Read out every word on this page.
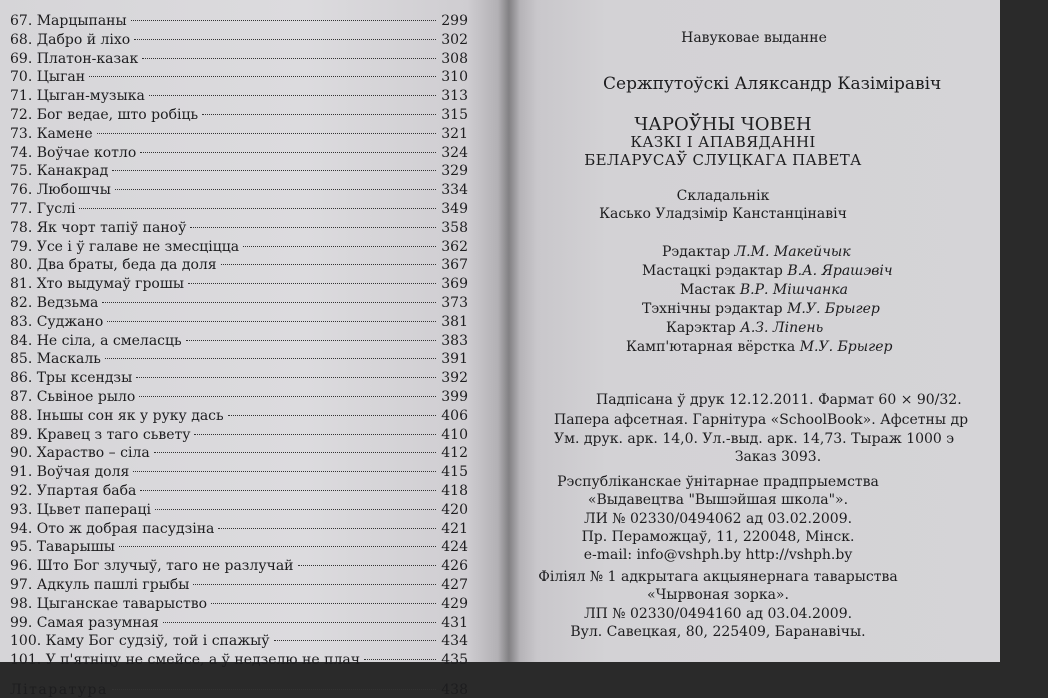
67. Марцыпаны	299
68. Дабро й ліхо	302
69. Платон-казак	308
70. Цыган	310
71. Цыган-музыка	313
72. Бог ведае, што робіць	315
73. Камене	321
74. Воўчае котло	324
75. Канакрад	329
76. Любошчы	334
77. Гуслі	349
78. Як чорт тапіў паноў	358
79. Усе і ў галаве не змесціцца	362
80. Два браты, беда да доля	367
81. Хто выдумаў грошы	369
82. Ведзьма	373
83. Суджано	381
84. Не сіла, а смеласць	383
85. Маскаль	391
86. Тры ксендзы	392
87. Сьвіное рыло	399
88. Іньшы сон як у руку дась	406
89. Кравец з таго сьвету	410
90. Хараство – сіла	412
91. Воўчая доля	415
92. Упартая баба	418
93. Цьвет папераці	420
94. Ото ж добрая пасудзіна	421
95. Таварышы	424
96. Што Бог злучыў, таго не разлучай	426
97. Адкуль пашлі грыбы	427
98. Цыганскае таварыство	429
99. Самая разумная	431
100. Каму Бог судзіў, той і спажыў	434
101. У п'ятніцу не смейсе, а ў недзелю не плач	435
Літаратура	438
Навуковае выданне
Сержпутоўскі Аляксандр Казіміравіч
ЧАРОЎНЫ ЧОВЕН
КАЗКІ І АПАВЯДАННІ
БЕЛАРУСАЎ СЛУЦКАГА ПАВЕТА
Складальнік
Касько Уладзімір Канстанцінавіч
Рэдактар Л.М. Макейчык
Мастацкі рэдактар В.А. Ярашэвіч
Мастак В.Р. Мішчанка
Тэхнічны рэдактар М.У. Брыгер
Карэктар А.З. Ліпень
Камп'ютарная вёрстка М.У. Брыгер
Падпісана ў друк 12.12.2011. Фармат 60 × 90/32.
Папера афсетная. Гарнітура «SchoolBook». Афсетны др
Ум. друк. арк. 14,0. Ул.-выд. арк. 14,73. Тыраж 1000 э
Заказ 3093.
Рэспубліканскае ўнітарнае прадпрыемства
«Выдавецтва "Вышэйшая школа"».
ЛИ № 02330/0494062 ад 03.02.2009.
Пр. Пераможцаў, 11, 220048, Мінск.
e-mail: info@vshph.by http://vshph.by
Філіял № 1 адкрытага акцыянернага таварыства
«Чырвоная зорка».
ЛП № 02330/0494160 ад 03.04.2009.
Вул. Савецкая, 80, 225409, Баранавічы.
